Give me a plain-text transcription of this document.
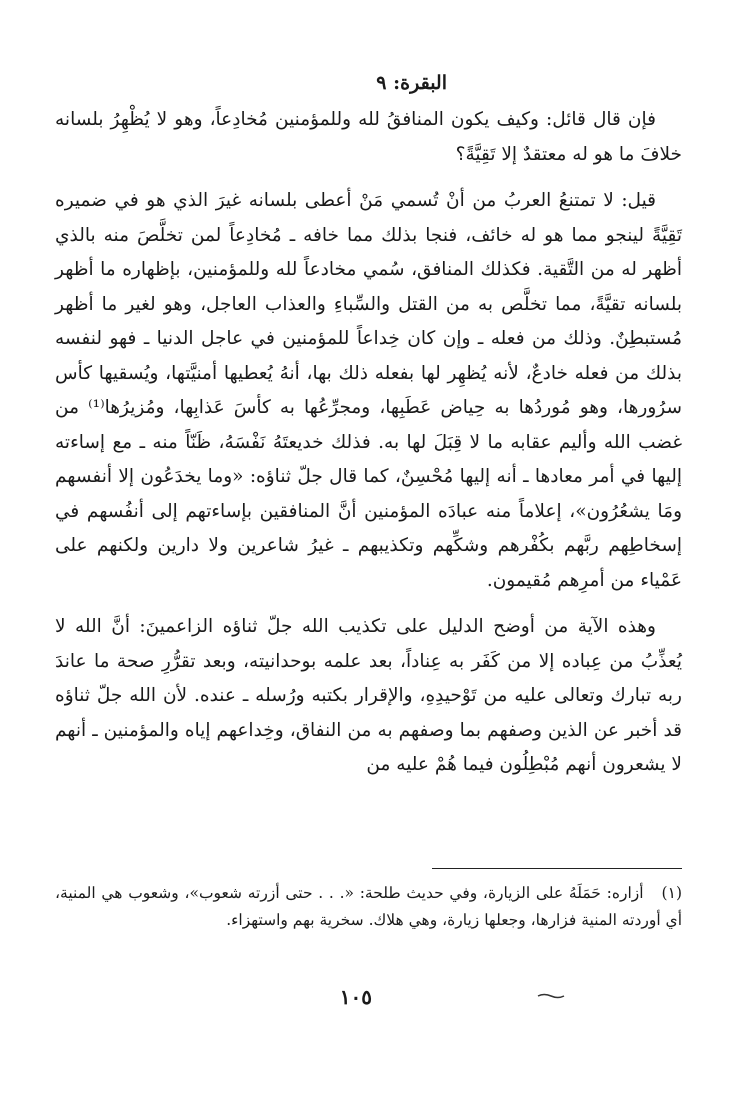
البقرة: ٩

فإن قال قائل: وكيف يكون المنافقُ لله وللمؤمنين مُخادِعاً، وهو لا يُظْهِرُ بلسانه خلافَ ما هو له معتقدٌ إلا تَقِيَّةً؟

قيل: لا تمتنعُ العربُ من أنْ تُسمي مَنْ أعطى بلسانه غيرَ الذي هو في ضميره تَقِيَّةً لينجو مما هو له خائف، فنجا بذلك مما خافه ـ مُخادِعاً لمن تخلَّصَ منه بالذي أظهر له من التَّقية. فكذلك المنافق، سُمي مخادعاً لله وللمؤمنين، بإظهاره ما أظهر بلسانه تقيَّةً، مما تخلَّص به من القتل والسِّباءِ والعذاب العاجل، وهو لغير ما أظهر مُستبطِنٌ. وذلك من فعله ـ وإن كان خِداعاً للمؤمنين في عاجل الدنيا ـ فهو لنفسه بذلك من فعله خادعٌ، لأنه يُظهِر لها بفعله ذلك بها، أنهُ يُعطيها أمنيَّتها، ويُسقيها كأس سرُورها، وهو مُوردُها به حِياض عَطَبِها، ومجرِّعُها به كأسَ عَذابِها، ومُزيرُها⁽¹⁾ من غضب الله وأليم عقابه ما لا قِبَلَ لها به. فذلك خديعتَهُ نَفْسَهُ، ظَنّاً منه ـ مع إساءته إليها في أمر معادها ـ أنه إليها مُحْسِنٌ، كما قال جلّ ثناؤه: «وما يخدَعُون إلا أنفسهم ومَا يشعُرُون»، إعلاماً منه عبادَه المؤمنين أنَّ المنافقين بإساءتهم إلى أنفُسهم في إسخاطِهم ربَّهم بكُفْرهم وشكِّهم وتكذيبهم ـ غيرُ شاعرين ولا دارين ولكنهم على عَمْياء من أمرِهم مُقيمون.

وهذه الآية من أوضح الدليل على تكذيب الله جلّ ثناؤه الزاعمينَ: أنَّ الله لا يُعذِّبُ من عِباده إلا من كَفَر به عِناداً، بعد علمه بوحدانيته، وبعد تقرُّرِ صحة ما عاندَ ربه تبارك وتعالى عليه من تَوْحيدِهِ، والإقرار بكتبه ورُسله ـ عنده. لأن الله جلّ ثناؤه قد أخبر عن الذين وصفهم بما وصفهم به من النفاق، وخِداعهم إياه والمؤمنين ـ أنهم لا يشعرون أنهم مُبْطِلُون فيما هُمْ عليه من

(١)أزاره: حَمَلَهُ على الزيارة، وفي حديث طلحة: «. . . حتى أزرته شعوب»، وشعوب هي المنية، أي أوردته المنية فزارها، وجعلها زيارة، وهي هلاك. سخرية بهم واستهزاء.
١٠٥
